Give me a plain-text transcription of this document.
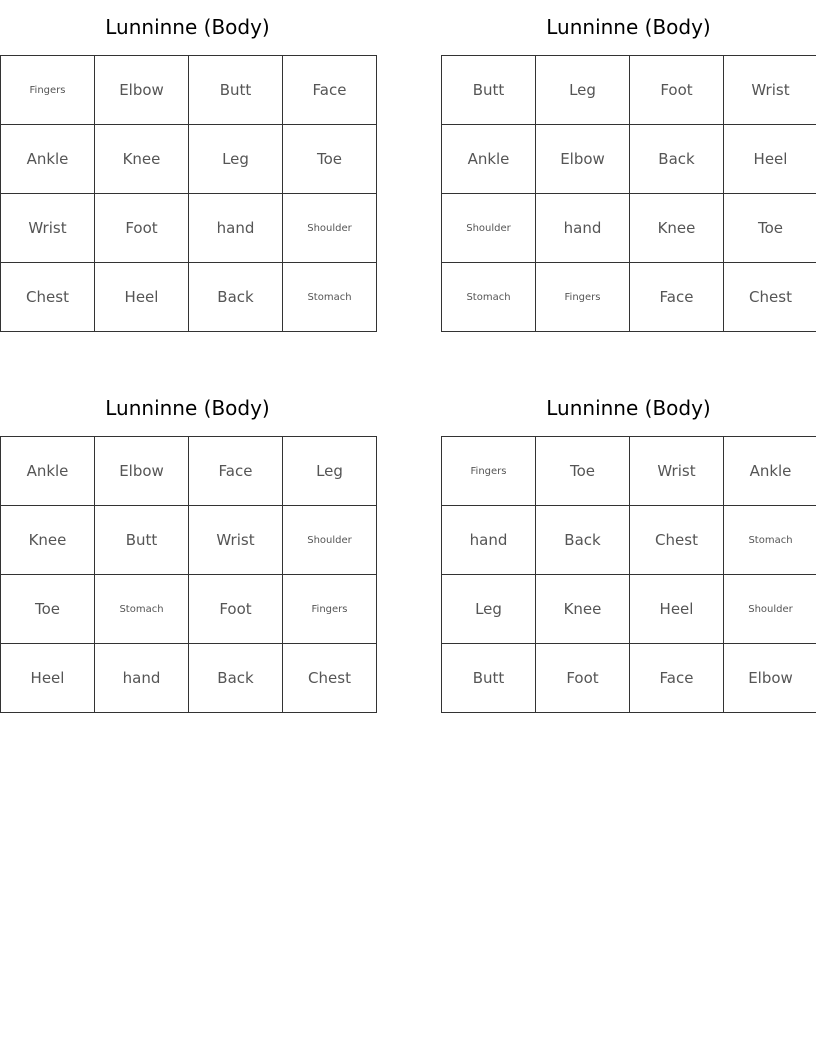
Lunninne (Body)
Fingers	Elbow	Butt	Face
Ankle	Knee	Leg	Toe
Wrist	Foot	hand	Shoulder
Chest	Heel	Back	Stomach
Lunninne (Body)
Butt	Leg	Foot	Wrist
Ankle	Elbow	Back	Heel
Shoulder	hand	Knee	Toe
Stomach	Fingers	Face	Chest
Lunninne (Body)
Ankle	Elbow	Face	Leg
Knee	Butt	Wrist	Shoulder
Toe	Stomach	Foot	Fingers
Heel	hand	Back	Chest
Lunninne (Body)
Fingers	Toe	Wrist	Ankle
hand	Back	Chest	Stomach
Leg	Knee	Heel	Shoulder
Butt	Foot	Face	Elbow
